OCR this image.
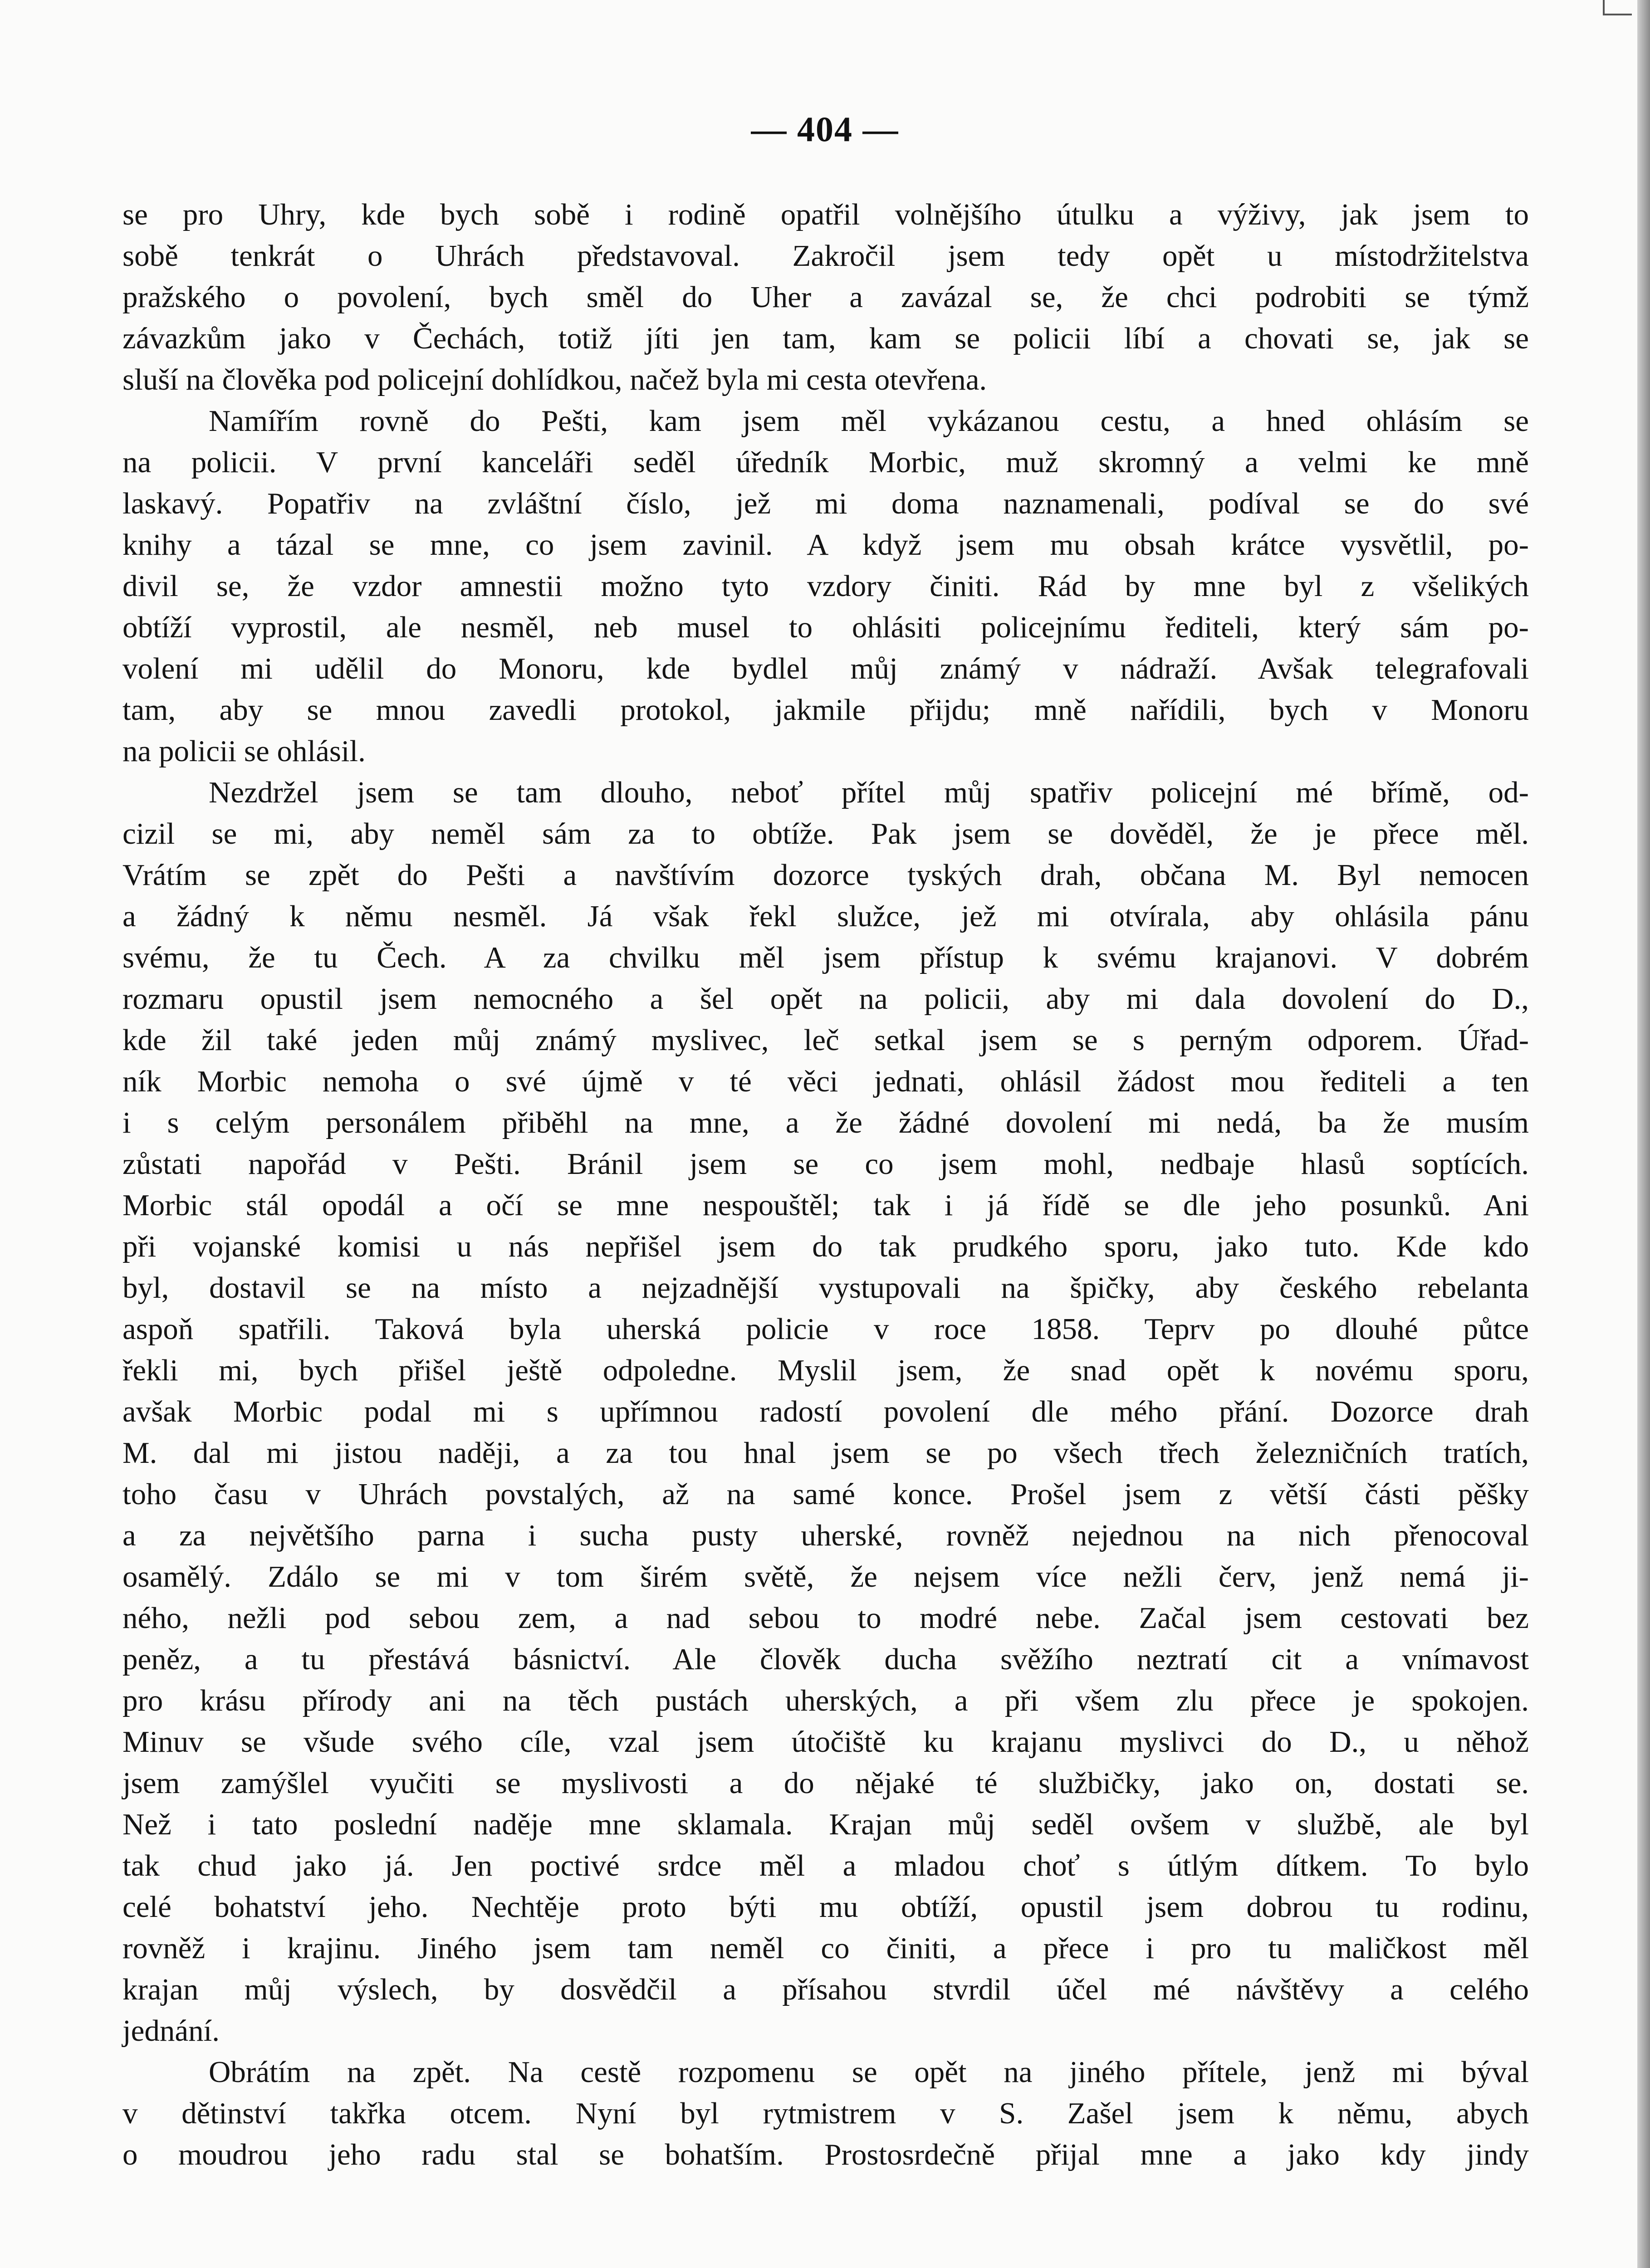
— 404 —
se pro Uhry, kde bych sobě i rodině opatřil volnějšího útulku a výživy, jak jsem to
sobě tenkrát o Uhrách představoval. Zakročil jsem tedy opět u místodržitelstva
pražského o povolení, bych směl do Uher a zavázal se, že chci podrobiti se týmž
závazkům jako v Čechách, totiž jíti jen tam, kam se policii líbí a chovati se, jak se
sluší na člověka pod policejní dohlídkou, načež byla mi cesta otevřena.
Namířím rovně do Pešti, kam jsem měl vykázanou cestu, a hned ohlásím se
na policii. V první kanceláři seděl úředník Morbic, muž skromný a velmi ke mně
laskavý. Popatřiv na zvláštní číslo, jež mi doma naznamenali, podíval se do své
knihy a tázal se mne, co jsem zavinil. A když jsem mu obsah krátce vysvětlil, po-
divil se, že vzdor amnestii možno tyto vzdory činiti. Rád by mne byl z všelikých
obtíží vyprostil, ale nesměl, neb musel to ohlásiti policejnímu řediteli, který sám po-
volení mi udělil do Monoru, kde bydlel můj známý v nádraží. Avšak telegrafovali
tam, aby se mnou zavedli protokol, jakmile přijdu; mně nařídili, bych v Monoru
na policii se ohlásil.
Nezdržel jsem se tam dlouho, neboť přítel můj spatřiv policejní mé břímě, od-
cizil se mi, aby neměl sám za to obtíže. Pak jsem se dověděl, že je přece měl.
Vrátím se zpět do Pešti a navštívím dozorce tyských drah, občana M. Byl nemocen
a žádný k němu nesměl. Já však řekl služce, jež mi otvírala, aby ohlásila pánu
svému, že tu Čech. A za chvilku měl jsem přístup k svému krajanovi. V dobrém
rozmaru opustil jsem nemocného a šel opět na policii, aby mi dala dovolení do D.,
kde žil také jeden můj známý myslivec, leč setkal jsem se s perným odporem. Úřad-
ník Morbic nemoha o své újmě v té věci jednati, ohlásil žádost mou řediteli a ten
i s celým personálem přiběhl na mne, a že žádné dovolení mi nedá, ba že musím
zůstati napořád v Pešti. Bránil jsem se co jsem mohl, nedbaje hlasů soptících.
Morbic stál opodál a očí se mne nespouštěl; tak i já řídě se dle jeho posunků. Ani
při vojanské komisi u nás nepřišel jsem do tak prudkého sporu, jako tuto. Kde kdo
byl, dostavil se na místo a nejzadnější vystupovali na špičky, aby českého rebelanta
aspoň spatřili. Taková byla uherská policie v roce 1858. Teprv po dlouhé půtce
řekli mi, bych přišel ještě odpoledne. Myslil jsem, že snad opět k novému sporu,
avšak Morbic podal mi s upřímnou radostí povolení dle mého přání. Dozorce drah
M. dal mi jistou naději, a za tou hnal jsem se po všech třech železničních tratích,
toho času v Uhrách povstalých, až na samé konce. Prošel jsem z větší části pěšky
a za největšího parna i sucha pusty uherské, rovněž nejednou na nich přenocoval
osamělý. Zdálo se mi v tom širém světě, že nejsem více nežli červ, jenž nemá ji-
ného, nežli pod sebou zem, a nad sebou to modré nebe. Začal jsem cestovati bez
peněz, a tu přestává básnictví. Ale člověk ducha svěžího neztratí cit a vnímavost
pro krásu přírody ani na těch pustách uherských, a při všem zlu přece je spokojen.
Minuv se všude svého cíle, vzal jsem útočiště ku krajanu myslivci do D., u něhož
jsem zamýšlel vyučiti se myslivosti a do nějaké té službičky, jako on, dostati se.
Než i tato poslední naděje mne sklamala. Krajan můj seděl ovšem v službě, ale byl
tak chud jako já. Jen poctivé srdce měl a mladou choť s útlým dítkem. To bylo
celé bohatství jeho. Nechtěje proto býti mu obtíží, opustil jsem dobrou tu rodinu,
rovněž i krajinu. Jiného jsem tam neměl co činiti, a přece i pro tu maličkost měl
krajan můj výslech, by dosvědčil a přísahou stvrdil účel mé návštěvy a celého
jednání.
Obrátím na zpět. Na cestě rozpomenu se opět na jiného přítele, jenž mi býval
v dětinství takřka otcem. Nyní byl rytmistrem v S. Zašel jsem k němu, abych
o moudrou jeho radu stal se bohatším. Prostosrdečně přijal mne a jako kdy jindy
